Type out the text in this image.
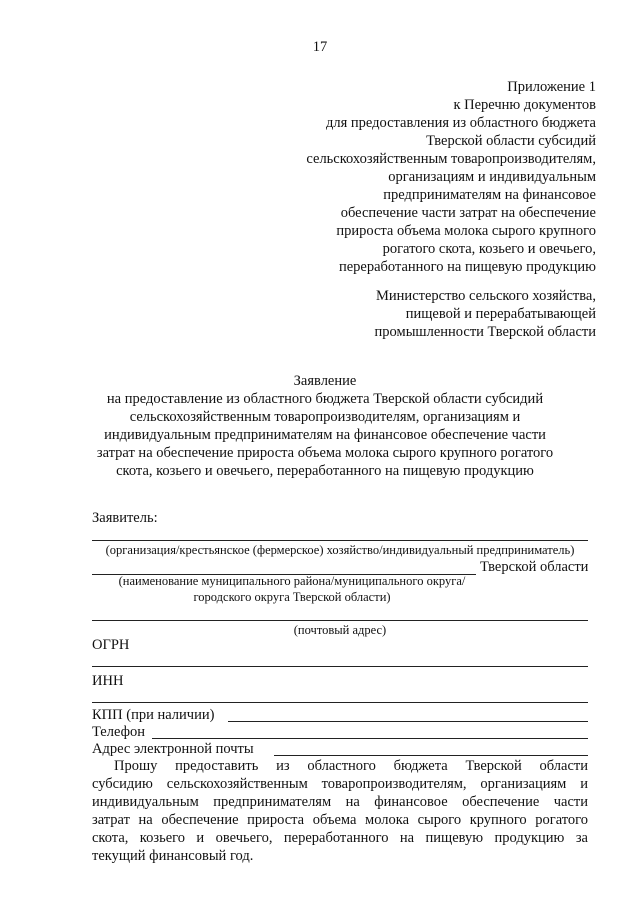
17
Приложение 1
к Перечню документов
для предоставления из областного бюджета
Тверской области субсидий
сельскохозяйственным товаропроизводителям,
организациям и индивидуальным
предпринимателям на финансовое
обеспечение части затрат на обеспечение
прироста объема молока сырого крупного
рогатого скота, козьего и овечьего,
переработанного на пищевую продукцию
Министерство сельского хозяйства,
пищевой и перерабатывающей
промышленности Тверской области
Заявление
на предоставление из областного бюджета Тверской области субсидий
сельскохозяйственным товаропроизводителям, организациям и
индивидуальным предпринимателям на финансовое обеспечение части
затрат на обеспечение прироста объема молока сырого крупного рогатого
скота, козьего и овечьего, переработанного на пищевую продукцию
Заявитель:
(организация/крестьянское (фермерское) хозяйство/индивидуальный предприниматель)
Тверской области
(наименование муниципального района/муниципального округа/
городского округа Тверской области)
(почтовый адрес)
ОГРН
ИНН
КПП (при наличии)
Телефон
Адрес электронной почты
Прошу предоставить из областного бюджета Тверской области
субсидию сельскохозяйственным товаропроизводителям, организациям и
индивидуальным предпринимателям на финансовое обеспечение части
затрат на обеспечение прироста объема молока сырого крупного рогатого
скота, козьего и овечьего, переработанного на пищевую продукцию за
текущий финансовый год.
